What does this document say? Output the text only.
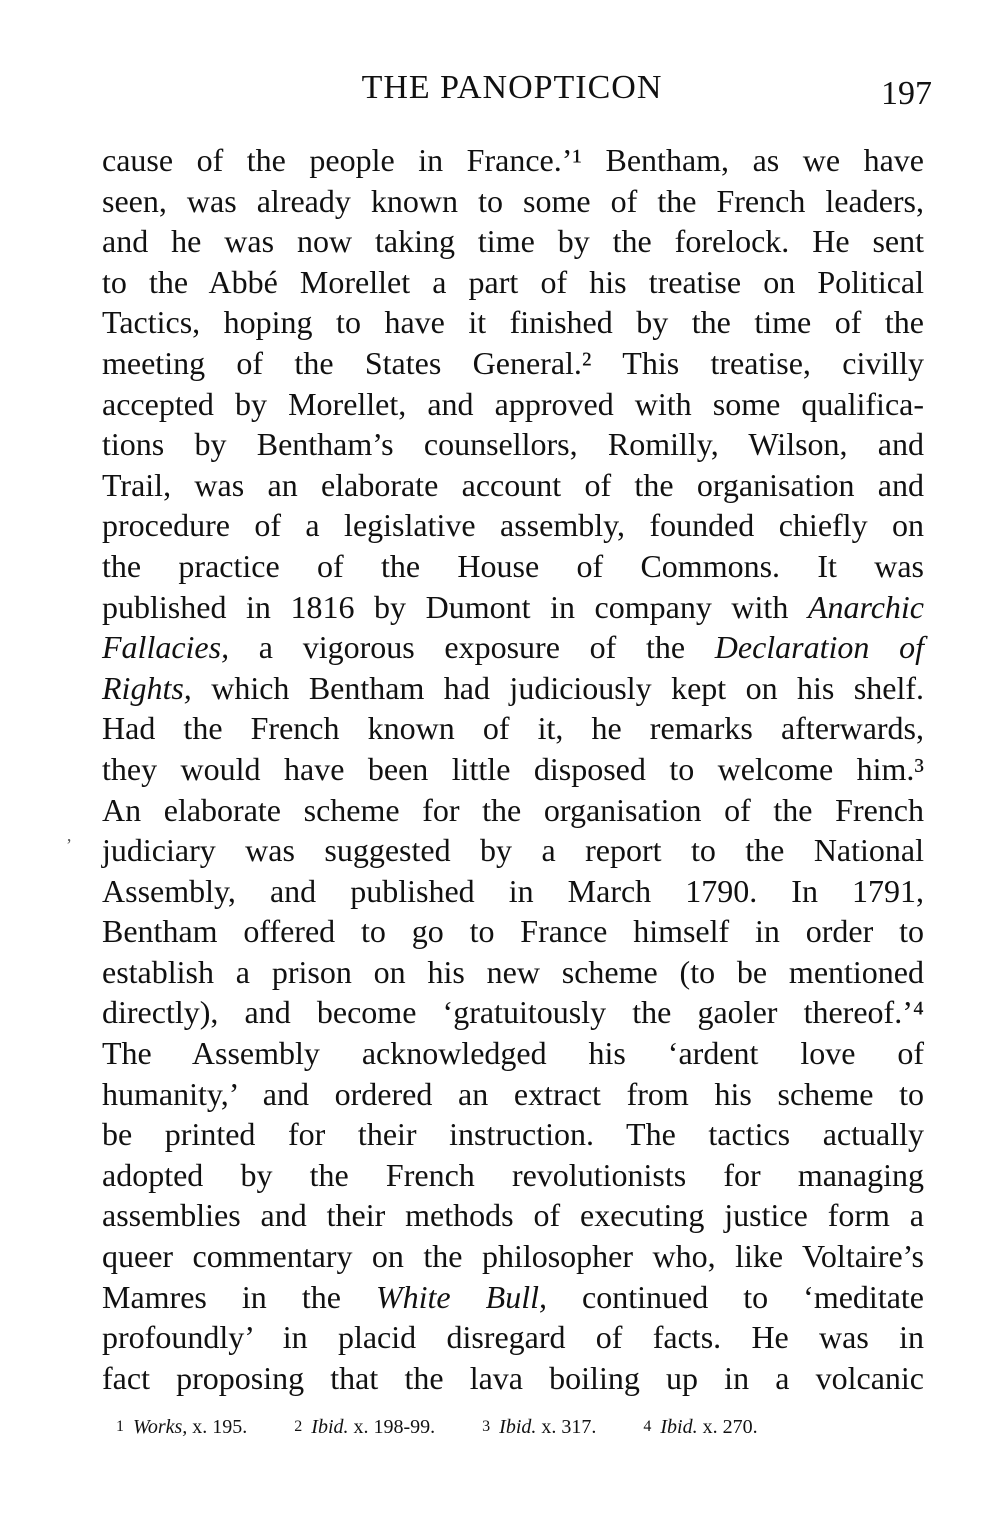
THE PANOPTICON	197
’
cause of the people in France.’¹ Bentham, as we have
seen, was already known to some of the French leaders,
and he was now taking time by the forelock. He sent
to the Abbé Morellet a part of his treatise on Political
Tactics, hoping to have it finished by the time of the
meeting of the States General.² This treatise, civilly
accepted by Morellet, and approved with some qualifica-
tions by Bentham’s counsellors, Romilly, Wilson, and
Trail, was an elaborate account of the organisation and
procedure of a legislative assembly, founded chiefly on
the practice of the House of Commons. It was
published in 1816 by Dumont in company with Anarchic
Fallacies, a vigorous exposure of the Declaration of
Rights, which Bentham had judiciously kept on his shelf.
Had the French known of it, he remarks afterwards,
they would have been little disposed to welcome him.³
An elaborate scheme for the organisation of the French
judiciary was suggested by a report to the National
Assembly, and published in March 1790. In 1791,
Bentham offered to go to France himself in order to
establish a prison on his new scheme (to be mentioned
directly), and become ‘gratuitously the gaoler thereof.’⁴
The Assembly acknowledged his ‘ardent love of
humanity,’ and ordered an extract from his scheme to
be printed for their instruction. The tactics actually
adopted by the French revolutionists for managing
assemblies and their methods of executing justice form a
queer commentary on the philosopher who, like Voltaire’s
Mamres in the White Bull, continued to ‘meditate
profoundly’ in placid disregard of facts. He was in
fact proposing that the lava boiling up in a volcanic
1 Works, x. 195.	2 Ibid. x. 198-99.	3 Ibid. x. 317.	4 Ibid. x. 270.
